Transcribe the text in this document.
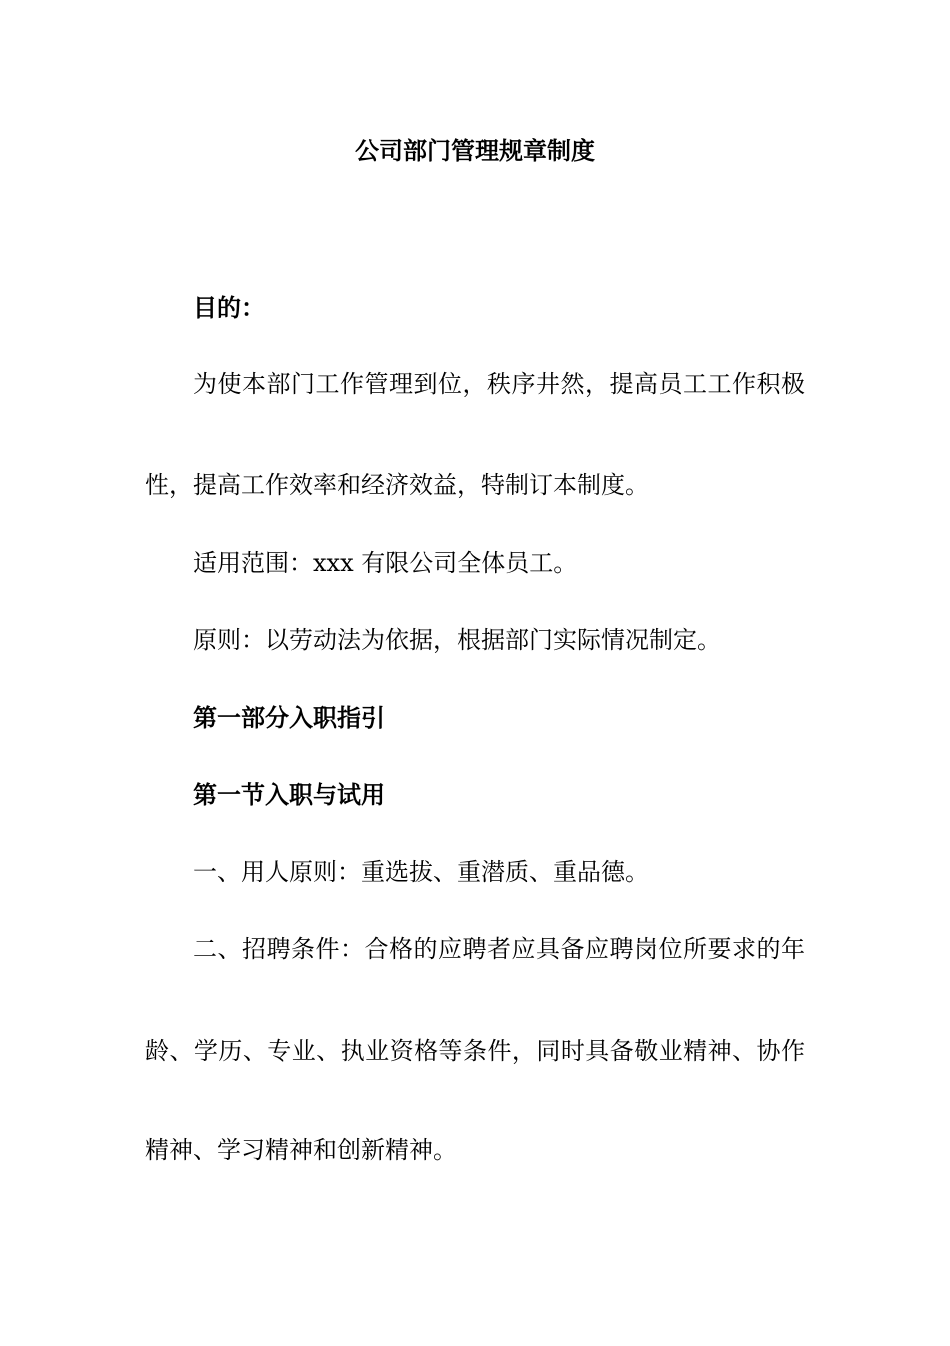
公司部门管理规章制度
目的：
为使本部门工作管理到位，秩序井然，提高员工工作积极
性，提高工作效率和经济效益，特制订本制度。
适用范围：xxx 有限公司全体员工。
原则：以劳动法为依据，根据部门实际情况制定。
第一部分入职指引
第一节入职与试用
一、用人原则：重选拔、重潜质、重品德。
二、招聘条件：合格的应聘者应具备应聘岗位所要求的年
龄、学历、专业、执业资格等条件，同时具备敬业精神、协作
精神、学习精神和创新精神。
